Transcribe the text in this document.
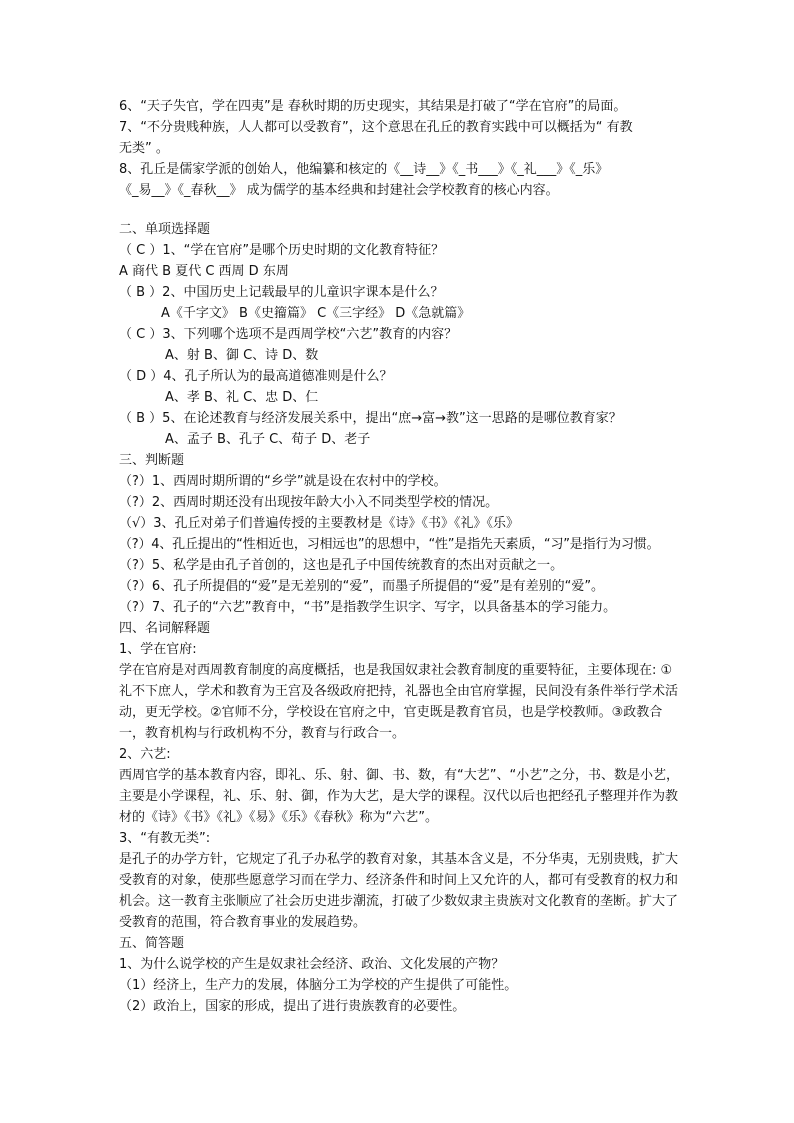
6、“天子失官，学在四夷”是 春秋时期的历史现实，其结果是打破了“学在官府”的局面。

7、“不分贵贱种族，人人都可以受教育”，这个意思在孔丘的教育实践中可以概括为“ 有教

无类” 。

8、孔丘是儒家学派的创始人，他编纂和核定的《__诗__》《_书___》《_礼___》《_乐》

《_易__》《_春秋__》 成为儒学的基本经典和封建社会学校教育的核心内容。

二、单项选择题

（ C ）1、“学在官府”是哪个历史时期的文化教育特征？

A 商代 B 夏代 C 西周 D 东周

（ B ）2、中国历史上记载最早的儿童识字课本是什么？

A《千字文》 B《史籀篇》 C《三字经》 D《急就篇》

（ C ）3、下列哪个选项不是西周学校“六艺”教育的内容？

A、射 B、御 C、诗 D、数

（ D ）4、孔子所认为的最高道德准则是什么？

A、孝 B、礼 C、忠 D、仁

（ B ）5、在论述教育与经济发展关系中，提出“庶→富→教”这一思路的是哪位教育家？

A、孟子 B、孔子 C、荀子 D、老子

三、判断题

（?）1、西周时期所谓的“乡学”就是设在农村中的学校。

（?）2、西周时期还没有出现按年龄大小入不同类型学校的情况。

（√）3、孔丘对弟子们普遍传授的主要教材是《诗》《书》《礼》《乐》

（?）4、孔丘提出的“性相近也，习相远也”的思想中，“性”是指先天素质，“习”是指行为习惯。

（?）5、私学是由孔子首创的，这也是孔子中国传统教育的杰出对贡献之一。

（?）6、孔子所提倡的“爱”是无差别的“爱”，而墨子所提倡的“爱”是有差别的“爱”。

（?）7、孔子的“六艺”教育中，“书”是指教学生识字、写字，以具备基本的学习能力。

四、名词解释题

1、学在官府:

学在官府是对西周教育制度的高度概括，也是我国奴隶社会教育制度的重要特征，主要体现在: ①礼不下庶人，学术和教育为王宫及各级政府把持，礼器也全由官府掌握，民间没有条件举行学术活动，更无学校。②官师不分，学校设在官府之中，官吏既是教育官员，也是学校教师。③政教合一，教育机构与行政机构不分，教育与行政合一。

2、六艺:

西周官学的基本教育内容，即礼、乐、射、御、书、数，有“大艺”、“小艺”之分，书、数是小艺，主要是小学课程，礼、乐、射、御，作为大艺，是大学的课程。汉代以后也把经孔子整理并作为教材的《诗》《书》《礼》《易》《乐》《春秋》称为“六艺”。

3、“有教无类”:

是孔子的办学方针，它规定了孔子办私学的教育对象，其基本含义是，不分华夷，无别贵贱，扩大受教育的对象，使那些愿意学习而在学力、经济条件和时间上又允许的人，都可有受教育的权力和机会。这一教育主张顺应了社会历史进步潮流，打破了少数奴隶主贵族对文化教育的垄断。扩大了受教育的范围，符合教育事业的发展趋势。

五、简答题

1、为什么说学校的产生是奴隶社会经济、政治、文化发展的产物？

（1）经济上，生产力的发展，体脑分工为学校的产生提供了可能性。

（2）政治上，国家的形成，提出了进行贵族教育的必要性。
